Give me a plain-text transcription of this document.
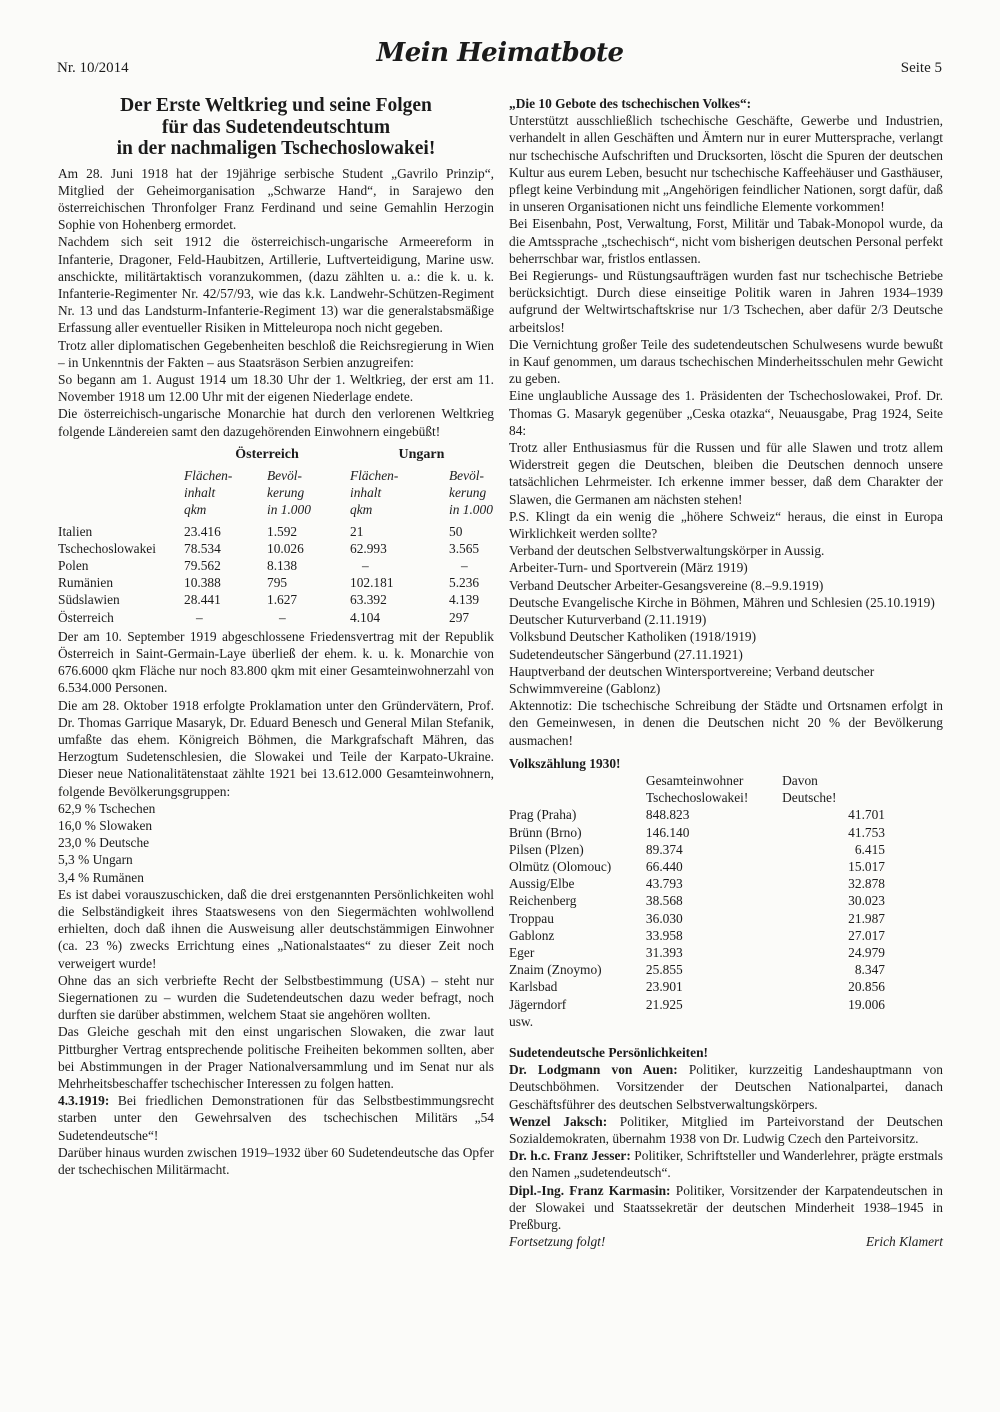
Nr. 10/2014	Mein Heimatbote	Seite 5
Der Erste Weltkrieg und seine Folgen
für das Sudetendeutschtum
in der nachmaligen Tschechoslowakei!

Am 28. Juni 1918 hat der 19jährige serbische Student „Gavrilo Prinzip“, Mitglied der Geheimorganisation „Schwarze Hand“, in Sarajewo den österreichischen Thronfolger Franz Ferdinand und seine Gemahlin Herzogin Sophie von Hohenberg ermordet.

Nachdem sich seit 1912 die österreichisch-ungarische Armeereform in Infanterie, Dragoner, Feld-Haubitzen, Artillerie, Luftverteidigung, Marine usw. anschickte, militärtaktisch voranzukommen, (dazu zählten u. a.: die k. u. k. Infanterie-Regimenter Nr. 42/57/93, wie das k.k. Landwehr-Schützen-Regiment Nr. 13 und das Landsturm-Infanterie-Regiment 13) war die generalstabsmäßige Erfassung aller eventueller Risiken in Mitteleuropa noch nicht gegeben.

Trotz aller diplomatischen Gegebenheiten beschloß die Reichsregierung in Wien – in Unkenntnis der Fakten – aus Staatsräson Serbien anzugreifen:

So begann am 1. August 1914 um 18.30 Uhr der 1. Weltkrieg, der erst am 11. November 1918 um 12.00 Uhr mit der eigenen Niederlage endete.

Die österreichisch-ungarische Monarchie hat durch den verlorenen Weltkrieg folgende Ländereien samt den dazugehörenden Einwohnern eingebüßt!

	Österreich		Ungarn	
	Flächen-	Bevöl-	Flächen-	Bevöl-
	inhalt	kerung	inhalt	kerung
	qkm	in 1.000	qkm	in 1.000

Italien	23.416	1.592	21	50
Tschechoslowakei	78.534	10.026	62.993	3.565
Polen	79.562	8.138	–	–
Rumänien	10.388	795	102.181	5.236
Südslawien	28.441	1.627	63.392	4.139
Österreich	–	–	4.104	297

Der am 10. September 1919 abgeschlossene Friedensvertrag mit der Republik Österreich in Saint-Germain-Laye überließ der ehem. k. u. k. Monarchie von 676.6000 qkm Fläche nur noch 83.800 qkm mit einer Gesamteinwohnerzahl von 6.534.000 Personen.

Die am 28. Oktober 1918 erfolgte Proklamation unter den Gründervätern, Prof. Dr. Thomas Garrique Masaryk, Dr. Eduard Benesch und General Milan Stefanik, umfaßte das ehem. Königreich Böhmen, die Markgrafschaft Mähren, das Herzogtum Sudetenschlesien, die Slowakei und Teile der Karpato-Ukraine. Dieser neue Nationalitätenstaat zählte 1921 bei 13.612.000 Gesamteinwohnern, folgende Bevölkerungsgruppen:

62,9 % Tschechen
16,0 % Slowaken
23,0 % Deutsche
5,3 % Ungarn
3,4 % Rumänen

Es ist dabei vorauszuschicken, daß die drei erstgenannten Persönlichkeiten wohl die Selbständigkeit ihres Staatswesens von den Siegermächten wohlwollend erhielten, doch daß ihnen die Ausweisung aller deutschstämmigen Einwohner (ca. 23 %) zwecks Errichtung eines „Nationalstaates“ zu dieser Zeit noch verweigert wurde!

Ohne das an sich verbriefte Recht der Selbstbestimmung (USA) – steht nur Siegernationen zu – wurden die Sudetendeutschen dazu weder befragt, noch durften sie darüber abstimmen, welchem Staat sie angehören wollten.

Das Gleiche geschah mit den einst ungarischen Slowaken, die zwar laut Pittburgher Vertrag entsprechende politische Freiheiten bekommen sollten, aber bei Abstimmungen in der Prager Nationalversammlung und im Senat nur als Mehrheitsbeschaffer tschechischer Interessen zu folgen hatten.

4.3.1919: Bei friedlichen Demonstrationen für das Selbstbestimmungsrecht starben unter den Gewehrsalven des tschechischen Militärs „54 Sudetendeutsche“!

Darüber hinaus wurden zwischen 1919–1932 über 60 Sudetendeutsche das Opfer der tschechischen Militärmacht.

„Die 10 Gebote des tschechischen Volkes“:

Unterstützt ausschließlich tschechische Geschäfte, Gewerbe und Industrien, verhandelt in allen Geschäften und Ämtern nur in eurer Muttersprache, verlangt nur tschechische Aufschriften und Drucksorten, löscht die Spuren der deutschen Kultur aus eurem Leben, besucht nur tschechische Kaffeehäuser und Gasthäuser, pflegt keine Verbindung mit „Angehörigen feindlicher Nationen, sorgt dafür, daß in unseren Organisationen nicht uns feindliche Elemente vorkommen!

Bei Eisenbahn, Post, Verwaltung, Forst, Militär und Tabak-Monopol wurde, da die Amtssprache „tschechisch“, nicht vom bisherigen deutschen Personal perfekt beherrschbar war, fristlos entlassen.

Bei Regierungs- und Rüstungsaufträgen wurden fast nur tschechische Betriebe berücksichtigt. Durch diese einseitige Politik waren in Jahren 1934–1939 aufgrund der Weltwirtschaftskrise nur 1/3 Tschechen, aber dafür 2/3 Deutsche arbeitslos!

Die Vernichtung großer Teile des sudetendeutschen Schulwesens wurde bewußt in Kauf genommen, um daraus tschechischen Minderheitsschulen mehr Gewicht zu geben.

Eine unglaubliche Aussage des 1. Präsidenten der Tschechoslowakei, Prof. Dr. Thomas G. Masaryk gegenüber „Ceska otazka“, Neuausgabe, Prag 1924, Seite 84:

Trotz aller Enthusiasmus für die Russen und für alle Slawen und trotz allem Widerstreit gegen die Deutschen, bleiben die Deutschen dennoch unsere tatsächlichen Lehrmeister. Ich erkenne immer besser, daß dem Charakter der Slawen, die Germanen am nächsten stehen!

P.S. Klingt da ein wenig die „höhere Schweiz“ heraus, die einst in Europa Wirklichkeit werden sollte?

Verband der deutschen Selbstverwaltungskörper in Aussig.

Arbeiter-Turn- und Sportverein (März 1919)
Verband Deutscher Arbeiter-Gesangsvereine (8.–9.9.1919)
Deutsche Evangelische Kirche in Böhmen, Mähren und Schlesien (25.10.1919)
Deutscher Kuturverband (2.11.1919)
Volksbund Deutscher Katholiken (1918/1919)
Sudetendeutscher Sängerbund (27.11.1921)
Hauptverband der deutschen Wintersportvereine; Verband deutscher Schwimmvereine (Gablonz)

Aktennotiz: Die tschechische Schreibung der Städte und Ortsnamen erfolgt in den Gemeinwesen, in denen die Deutschen nicht 20 % der Bevölkerung ausmachen!

Volkszählung 1930!
	Gesamteinwohner	Davon
	Tschechoslowakei!	Deutsche!
Prag (Praha)	848.823	41.701
Brünn (Brno)	146.140	41.753
Pilsen (Plzen)	89.374	6.415
Olmütz (Olomouc)	66.440	15.017
Aussig/Elbe	43.793	32.878
Reichenberg	38.568	30.023
Troppau	36.030	21.987
Gablonz	33.958	27.017
Eger	31.393	24.979
Znaim (Znoymo)	25.855	8.347
Karlsbad	23.901	20.856
Jägerndorf	21.925	19.006
usw.		
Sudetendeutsche Persönlichkeiten!

Dr. Lodgmann von Auen: Politiker, kurzzeitig Landeshauptmann von Deutschböhmen. Vorsitzender der Deutschen Nationalpartei, danach Geschäftsführer des deutschen Selbstverwaltungskörpers.

Wenzel Jaksch: Politiker, Mitglied im Parteivorstand der Deutschen Sozialdemokraten, übernahm 1938 von Dr. Ludwig Czech den Parteivorsitz.

Dr. h.c. Franz Jesser: Politiker, Schriftsteller und Wanderlehrer, prägte erstmals den Namen „sudetendeutsch“.

Dipl.-Ing. Franz Karmasin: Politiker, Vorsitzender der Karpatendeutschen in der Slowakei und Staatssekretär der deutschen Minderheit 1938–1945 in Preßburg.

Fortsetzung folgt!	Erich Klamert
